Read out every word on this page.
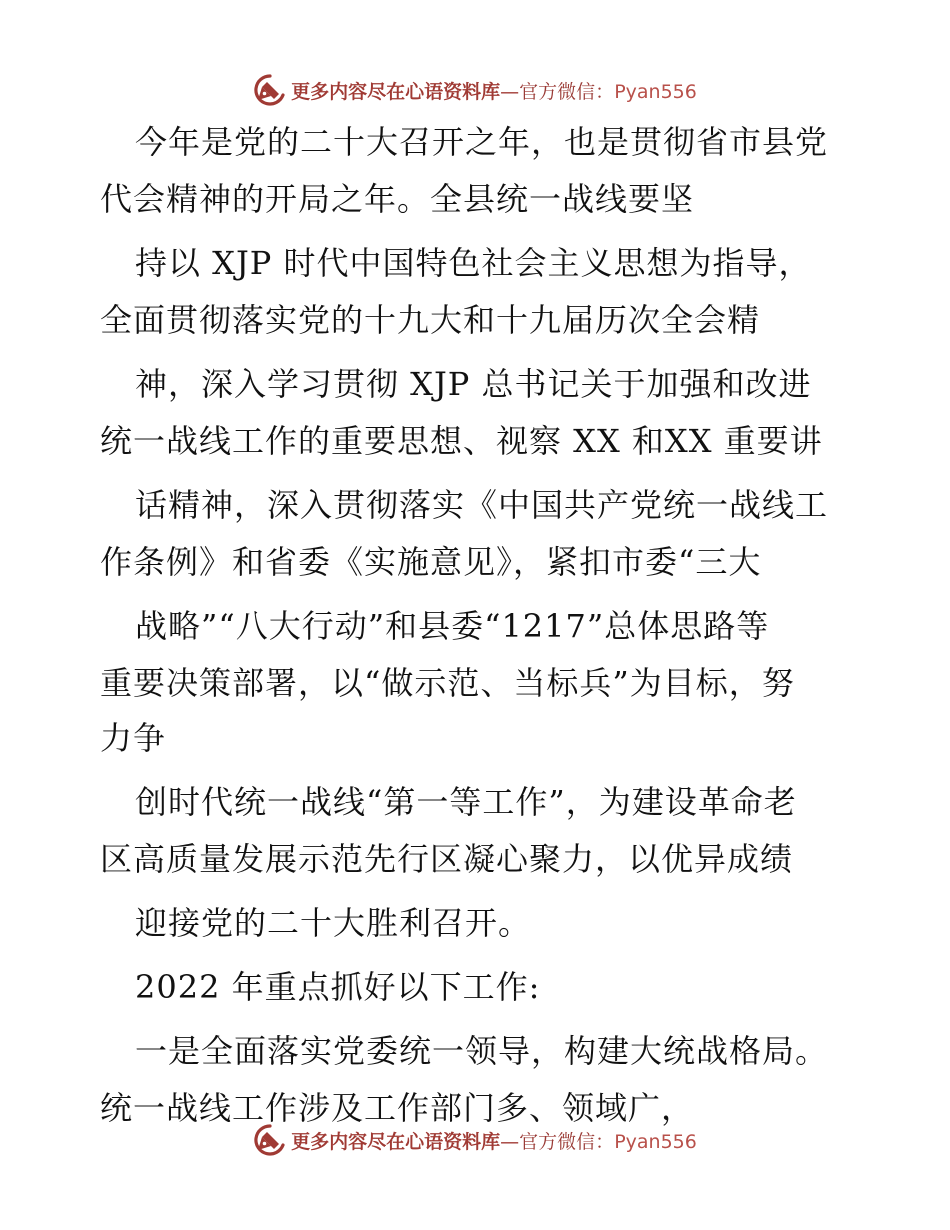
更多内容尽在心语资料库—官方微信：Pyan556
今年是党的二十大召开之年，也是贯彻省市县党
代会精神的开局之年。全县统一战线要坚
持以 XJP 时代中国特色社会主义思想为指导，
全面贯彻落实党的十九大和十九届历次全会精
神，深入学习贯彻 XJP 总书记关于加强和改进
统一战线工作的重要思想、视察 XX 和XX 重要讲
话精神，深入贯彻落实《中国共产党统一战线工
作条例》和省委《实施意见》，紧扣市委“三大
战略”“八大行动”和县委“1217”总体思路等
重要决策部署，以“做示范、当标兵”为目标，努
力争
创时代统一战线“第一等工作”，为建设革命老
区高质量发展示范先行区凝心聚力，以优异成绩
迎接党的二十大胜利召开。
2022 年重点抓好以下工作:
一是全面落实党委统一领导，构建大统战格局。
统一战线工作涉及工作部门多、领域广，
更多内容尽在心语资料库—官方微信：Pyan556
